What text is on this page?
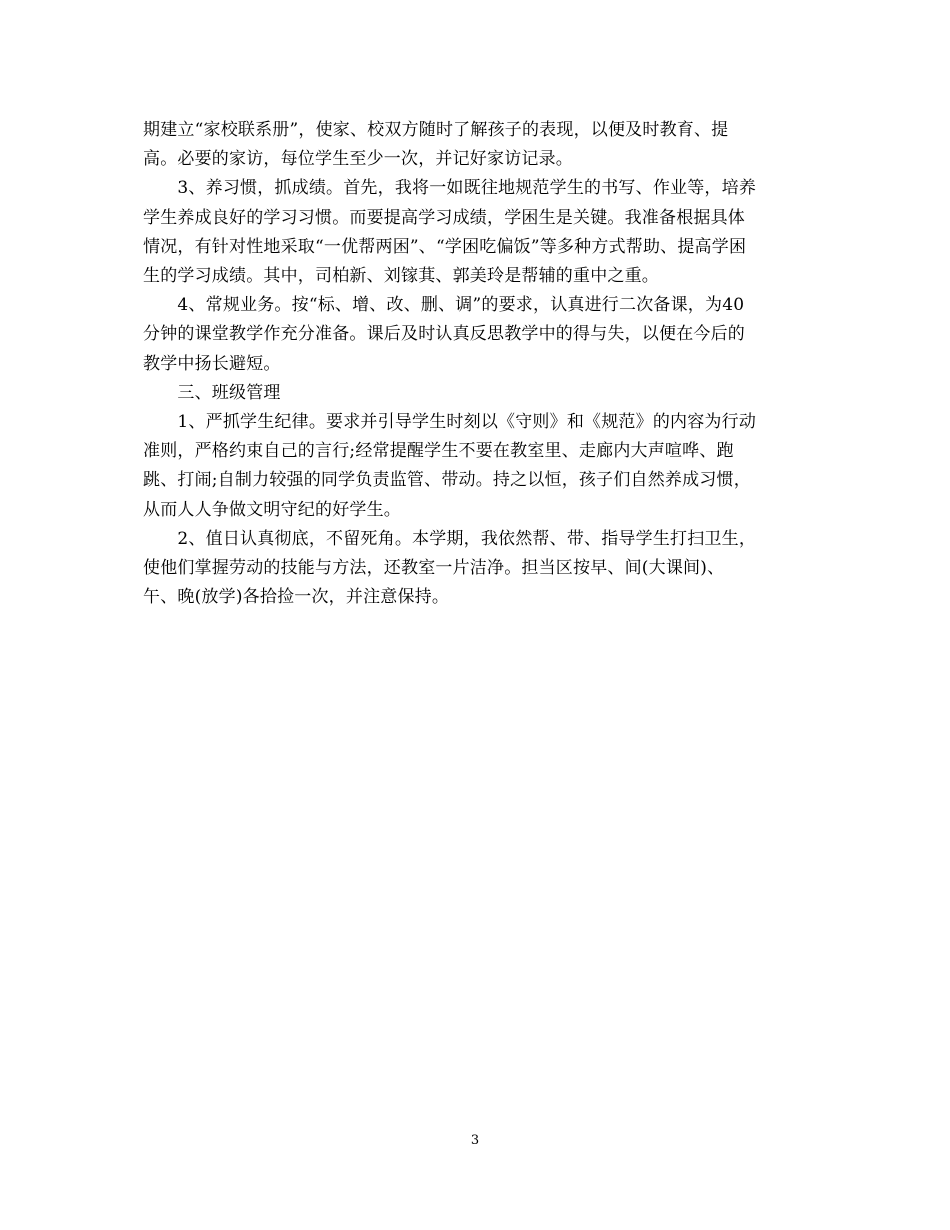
期建立“家校联系册”，使家、校双方随时了解孩子的表现，以便及时教育、提
高。必要的家访，每位学生至少一次，并记好家访记录。

　　3、养习惯，抓成绩。首先，我将一如既往地规范学生的书写、作业等，培养
学生养成良好的学习习惯。而要提高学习成绩，学困生是关键。我准备根据具体
情况，有针对性地采取“一优帮两困”、“学困吃偏饭”等多种方式帮助、提高学困
生的学习成绩。其中，司柏新、刘镓萁、郭美玲是帮辅的重中之重。

　　4、常规业务。按“标、增、改、删、调”的要求，认真进行二次备课，为40
分钟的课堂教学作充分准备。课后及时认真反思教学中的得与失，以便在今后的
教学中扬长避短。

　　三、班级管理

　　1、严抓学生纪律。要求并引导学生时刻以《守则》和《规范》的内容为行动
准则，严格约束自己的言行;经常提醒学生不要在教室里、走廊内大声喧哗、跑
跳、打闹;自制力较强的同学负责监管、带动。持之以恒，孩子们自然养成习惯，
从而人人争做文明守纪的好学生。

　　2、值日认真彻底，不留死角。本学期，我依然帮、带、指导学生打扫卫生，
使他们掌握劳动的技能与方法，还教室一片洁净。担当区按早、间(大课间)、
午、晚(放学)各拾捡一次，并注意保持。

3
